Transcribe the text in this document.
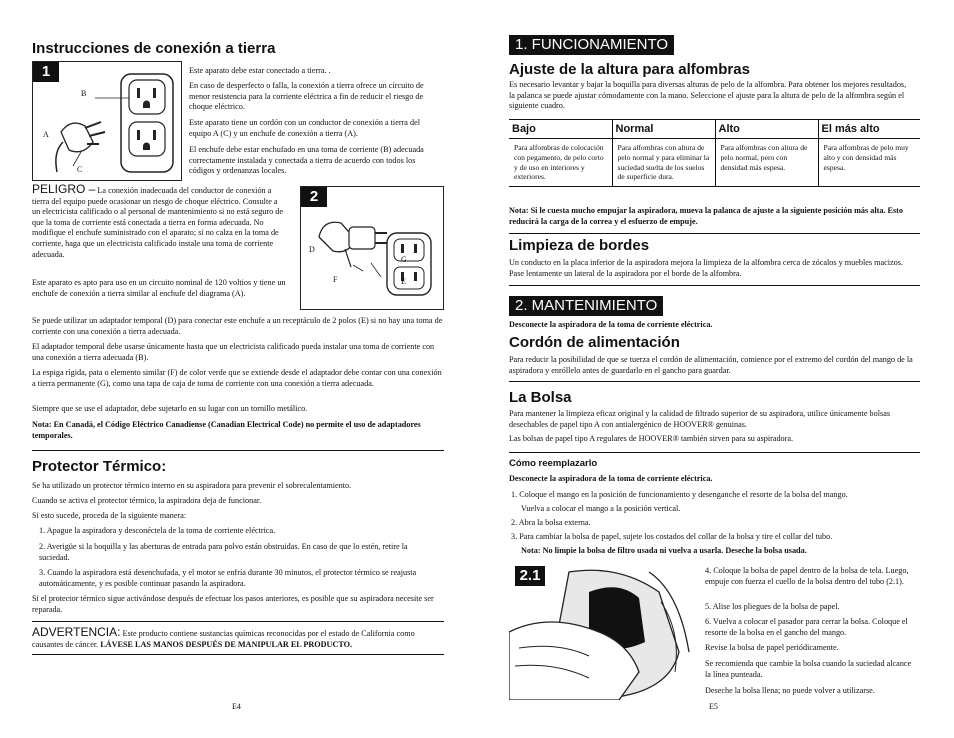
Instrucciones de conexión a tierra
1
B
A
C

Este aparato debe estar conectado a tierra. .

En caso de desperfecto o falla, la conexión a tierra ofrece un circuito de menor resistencia para la corriente eléctrica a fin de reducir el riesgo de choque eléctrico.

Este aparato tiene un cordón con un conductor de conexión a tierra del equipo A (C) y un enchufe de conexión a tierra (A).

El enchufe debe estar enchufado en una toma de corriente (B) adecuada correctamente instalada y conectada a tierra de acuerdo con todos los códigos y ordenanzas locales.

PELIGRO – La conexión inadecuada del conductor de conexión a tierra del equipo puede ocasionar un riesgo de choque eléctrico. Consulte a un electricista calificado o al personal de mantenimiento si no está seguro de que la toma de corriente está conectada a tierra en forma adecuada. No modifique el enchufe suministrado con el aparato; si no calza en la toma de corriente, haga que un electricista calificado instale una toma de corriente adecuada.

Este aparato es apto para uso en un circuito nominal de 120 voltios y tiene un enchufe de conexión a tierra similar al enchufe del diagrama (A).

2
D
G
F	E

Se puede utilizar un adaptador temporal (D) para conectar este enchufe a un receptáculo de 2 polos (E) si no hay una toma de corriente con una conexión a tierra adecuada.

El adaptador temporal debe usarse únicamente hasta que un electricista calificado pueda instalar una toma de corriente con una conexión a tierra adecuada (B).

La espiga rígida, pata o elemento similar (F) de color verde que se extiende desde el adaptador debe contar con una conexión a tierra permanente (G), como una tapa de caja de toma de corriente con una conexión a tierra adecuada.

Siempre que se use el adaptador, debe sujetarlo en su lugar con un tornillo metálico.

Nota: En Canadá, el Código Eléctrico Canadiense (Canadian Electrical Code) no permite el uso de adaptadores temporales.

Protector Térmico:

Se ha utilizado un protector térmico interno en su aspiradora para prevenir el sobrecalentamiento.

Cuando se activa el protector térmico, la aspiradora deja de funcionar.

Si esto sucede, proceda de la siguiente manera:

1. Apague la aspiradora y desconéctela de la toma de corriente eléctrica.

2. Averigüe si la boquilla y las aberturas de entrada para polvo están obstruidas. En caso de que lo estén, retire la suciedad.

3. Cuando la aspiradora está desenchufada, y el motor se enfría durante 30 minutos, el protector térmico se reajusta automáticamente, y es posible continuar pasando la aspiradora.

Si el protector térmico sigue activándose después de efectuar los pasos anteriores, es posible que su aspiradora necesite ser reparada.

ADVERTENCIA: Este producto contiene sustancias químicas reconocidas por el estado de California como causantes de cáncer. LÁVESE LAS MANOS DESPUÉS DE MANIPULAR EL PRODUCTO.

E4
1. FUNCIONAMIENTO
Ajuste de la altura para alfombras

Es necesario levantar y bajar la boquilla para diversas alturas de pelo de la alfombra. Para obtener los mejores resultados, la palanca se puede ajustar cómodamente con la mano. Seleccione el ajuste para la altura de pelo de la alfombra según el siguiente cuadro.

Bajo	Normal	Alto	El más alto
Para alfombras de colocación con pegamento, de pelo corto y de uso en interiores y exteriores.	Para alfombras con altura de pelo normal y para eliminar la suciedad suelta de los suelos de superficie dura.	Para alfombras con altura de pelo normal, pero con densidad más espesa.	Para alfombras de pelo muy alto y con densidad más espesa.

Nota: Si le cuesta mucho empujar la aspiradora, mueva la palanca de ajuste a la siguiente posición más alta. Esto reducirá la carga de la correa y el esfuerzo de empuje.

Limpieza de bordes

Un conducto en la placa inferior de la aspiradora mejora la limpieza de la alfombra cerca de zócalos y muebles macizos. Pase lentamente un lateral de la aspiradora por el borde de la alfombra.

2. MANTENIMIENTO

Desconecte la aspiradora de la toma de corriente eléctrica.

Cordón de alimentación

Para reducir la posibilidad de que se tuerza el cordón de alimentación, comience por el extremo del cordón del mango de la aspiradora y enróllelo antes de guardarlo en el gancho para guardar.

La Bolsa

Para mantener la limpieza eficaz original y la calidad de filtrado superior de su aspiradora, utilice únicamente bolsas desechables de papel tipo A con antialergénico de HOOVER® genuinas.

Las bolsas de papel tipo A regulares de HOOVER® también sirven para su aspiradora.

Cómo reemplazarlo

Desconecte la aspiradora de la toma de corriente eléctrica.

1. Coloque el mango en la posición de funcionamiento y desenganche el resorte de la bolsa del mango.

Vuelva a colocar el mango a la posición vertical.

2. Abra la bolsa externa.

3. Para cambiar la bolsa de papel, sujete los costados del collar de la bolsa y tire el collar del tubo.

Nota: No limpie la bolsa de filtro usada ni vuelva a usarla. Deseche la bolsa usada.

2.1	4. Coloque la bolsa de papel dentro de la bolsa de tela. Luego, empuje con fuerza el cuello de la bolsa dentro del tubo (2.1).

5. Alise los pliegues de la bolsa de papel.

6. Vuelva a colocar el pasador para cerrar la bolsa. Coloque el resorte de la bolsa en el gancho del mango.

Revise la bolsa de papel periódicamente.

Se recomienda que cambie la bolsa cuando la suciedad alcance la línea punteada.

Deseche la bolsa llena; no puede volver a utilizarse.

E5
